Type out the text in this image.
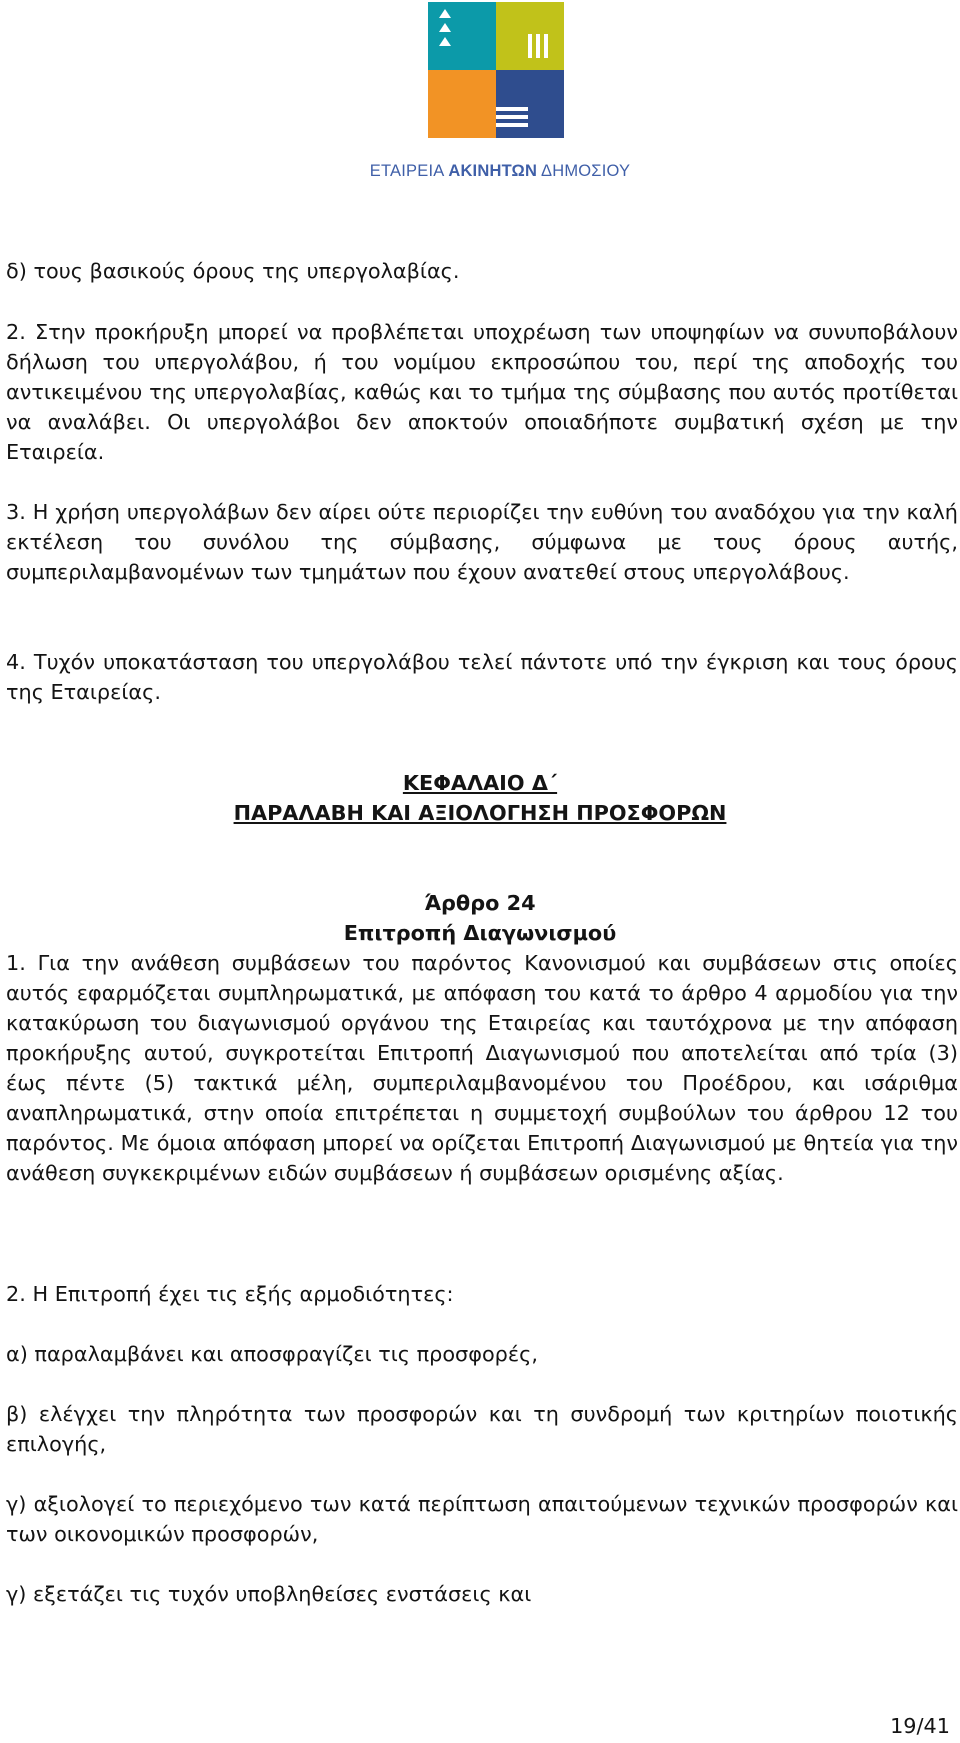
ΕΤΑΙΡΕΙΑ ΑΚΙΝΗΤΩΝ ΔΗΜΟΣΙΟΥ

δ) τους βασικούς όρους της υπεργολαβίας.

2. Στην προκήρυξη μπορεί να προβλέπεται υποχρέωση των υποψηφίων να συνυποβάλουν δήλωση του υπεργολάβου, ή του νομίμου εκπροσώπου του, περί της αποδοχής του αντικειμένου της υπεργολαβίας, καθώς και το τμήμα της σύμβασης που αυτός προτίθεται να αναλάβει. Οι υπεργολάβοι δεν αποκτούν οποιαδήποτε συμβατική σχέση με την Εταιρεία.

3. Η χρήση υπεργολάβων δεν αίρει ούτε περιορίζει την ευθύνη του αναδόχου για την καλή εκτέλεση του συνόλου της σύμβασης, σύμφωνα με τους όρους αυτής, συμπεριλαμβανομένων των τμημάτων που έχουν ανατεθεί στους υπεργολάβους.

4. Τυχόν υποκατάσταση του υπεργολάβου τελεί πάντοτε υπό την έγκριση και τους όρους της Εταιρείας.

ΚΕΦΑΛΑΙΟ Δ΄

ΠΑΡΑΛΑΒΗ ΚΑΙ ΑΞΙΟΛΟΓΗΣΗ ΠΡΟΣΦΟΡΩΝ

Άρθρο 24

Επιτροπή Διαγωνισμού

1. Για την ανάθεση συμβάσεων του παρόντος Κανονισμού και συμβάσεων στις οποίες αυτός εφαρμόζεται συμπληρωματικά, με απόφαση του κατά το άρθρο 4 αρμοδίου για την κατακύρωση του διαγωνισμού οργάνου της Εταιρείας και ταυτόχρονα με την απόφαση προκήρυξης αυτού, συγκροτείται Επιτροπή Διαγωνισμού που αποτελείται από τρία (3) έως πέντε (5) τακτικά μέλη, συμπεριλαμβανομένου του Προέδρου, και ισάριθμα αναπληρωματικά, στην οποία επιτρέπεται η συμμετοχή συμβούλων του άρθρου 12 του παρόντος. Με όμοια απόφαση μπορεί να ορίζεται Επιτροπή Διαγωνισμού με θητεία για την ανάθεση συγκεκριμένων ειδών συμβάσεων ή συμβάσεων ορισμένης αξίας.

2. Η Επιτροπή έχει τις εξής αρμοδιότητες:

α) παραλαμβάνει και αποσφραγίζει τις προσφορές,

β) ελέγχει την πληρότητα των προσφορών και τη συνδρομή των κριτηρίων ποιοτικής επιλογής,

γ) αξιολογεί το περιεχόμενο των κατά περίπτωση απαιτούμενων τεχνικών προσφορών και των οικονομικών προσφορών,

γ) εξετάζει τις τυχόν υποβληθείσες ενστάσεις και

19/41
